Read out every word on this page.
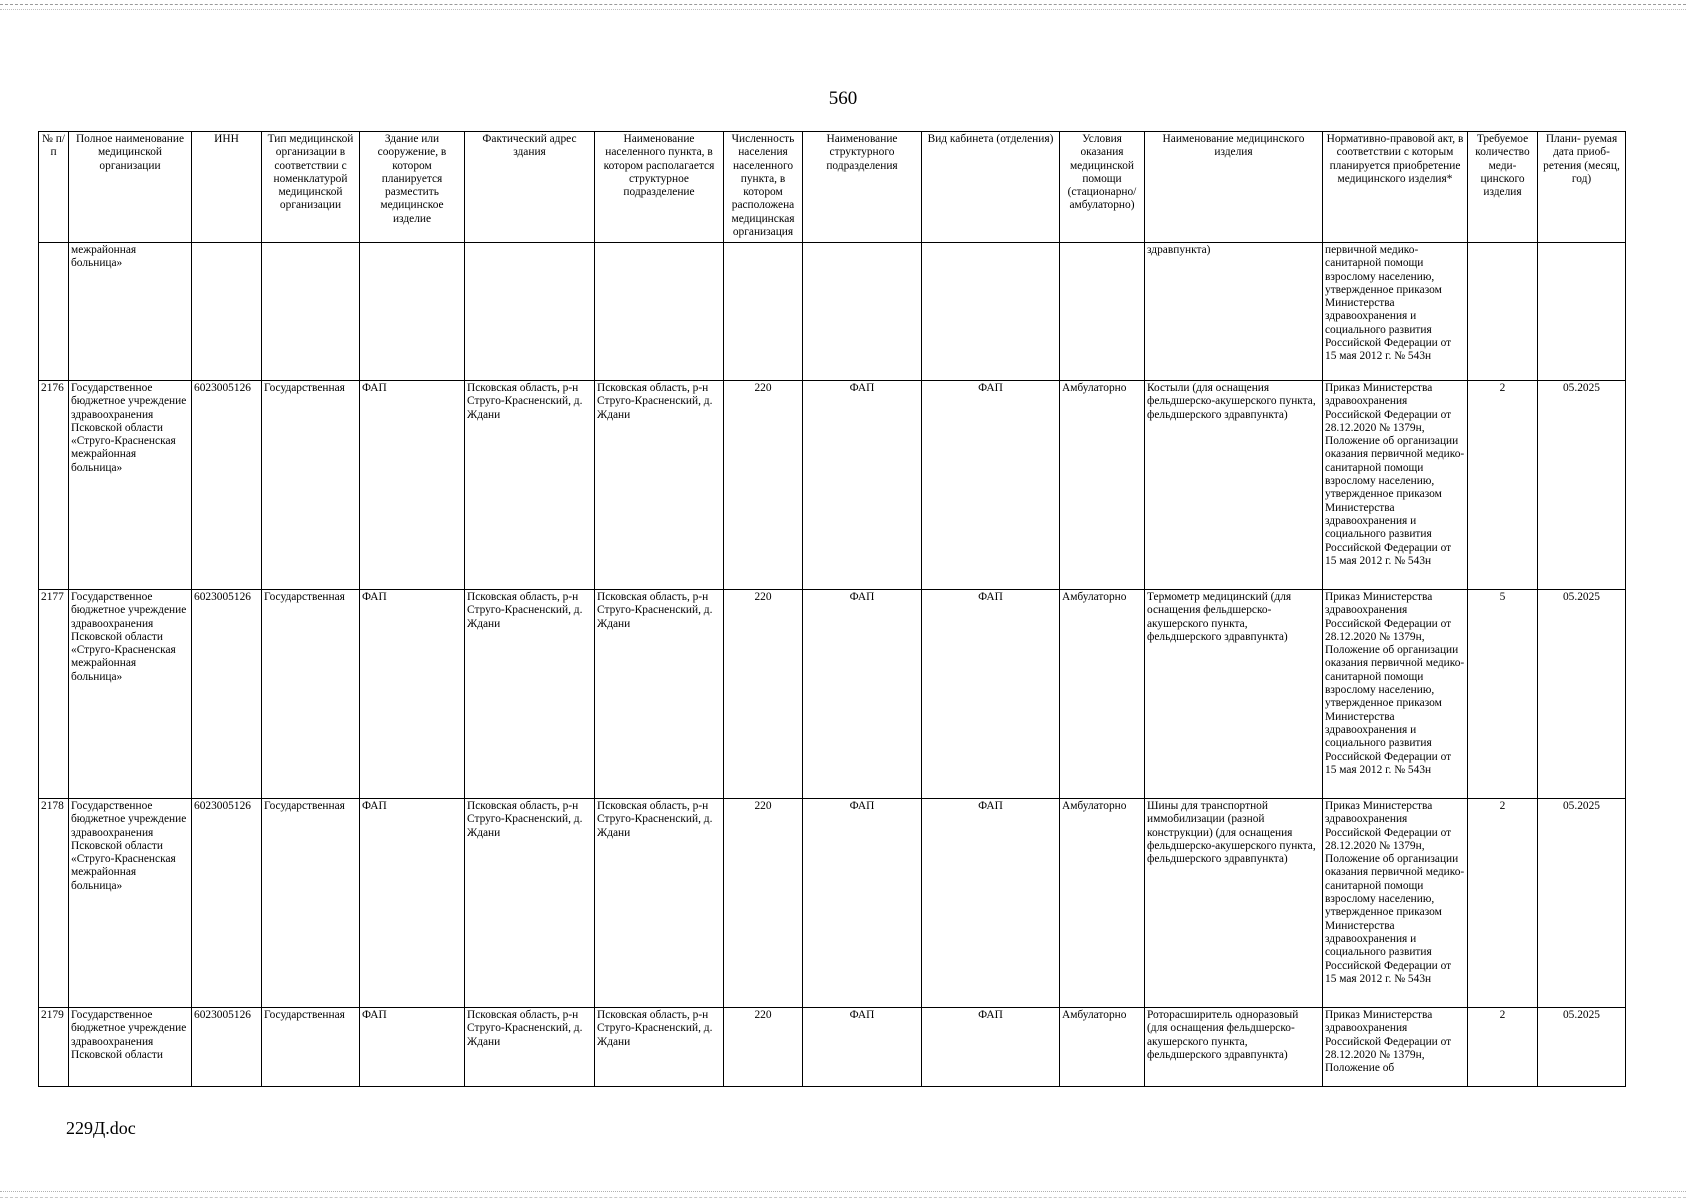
560
№ п/п	Полное наименование медицинской организации	ИНН	Тип медицинской организации в соответствии с номенклатурой медицинской организации	Здание или сооружение, в котором планируется разместить медицинское изделие	Фактический адрес здания	Наименование населенного пункта, в котором располагается структурное подразделение	Численность населения населенного пункта, в котором расположена медицинская организация	Наименование структурного подразделения	Вид кабинета (отделения)	Условия оказания медицинской помощи (стационарно/ амбулаторно)	Наименование медицинского изделия	Нормативно-правовой акт, в соответствии с которым планируется приобретение медицинского изделия*	Требуемое количество меди- цинского изделия	Плани- руемая дата приоб- ретения (месяц, год)
	межрайонная больница»										здравпункта)	первичной медико-санитарной помощи взрослому населению, утвержденное приказом Министерства здравоохранения и социального развития Российской Федерации от 15 мая 2012 г. № 543н		
2176	Государственное бюджетное учреждение здравоохранения Псковской области «Струго-Красненская межрайонная больница»	6023005126	Государственная	ФАП	Псковская область, р-н Струго-Красненский, д. Ждани	Псковская область, р-н Струго-Красненский, д. Ждани	220	ФАП	ФАП	Амбулаторно	Костыли (для оснащения фельдшерско-акушерского пункта, фельдшерского здравпункта)	Приказ Министерства здравоохранения Российской Федерации от 28.12.2020 № 1379н, Положение об организации оказания первичной медико-санитарной помощи взрослому населению, утвержденное приказом Министерства здравоохранения и социального развития Российской Федерации от 15 мая 2012 г. № 543н	2	05.2025
2177	Государственное бюджетное учреждение здравоохранения Псковской области «Струго-Красненская межрайонная больница»	6023005126	Государственная	ФАП	Псковская область, р-н Струго-Красненский, д. Ждани	Псковская область, р-н Струго-Красненский, д. Ждани	220	ФАП	ФАП	Амбулаторно	Термометр медицинский (для оснащения фельдшерско-акушерского пункта, фельдшерского здравпункта)	Приказ Министерства здравоохранения Российской Федерации от 28.12.2020 № 1379н, Положение об организации оказания первичной медико-санитарной помощи взрослому населению, утвержденное приказом Министерства здравоохранения и социального развития Российской Федерации от 15 мая 2012 г. № 543н	5	05.2025
2178	Государственное бюджетное учреждение здравоохранения Псковской области «Струго-Красненская межрайонная больница»	6023005126	Государственная	ФАП	Псковская область, р-н Струго-Красненский, д. Ждани	Псковская область, р-н Струго-Красненский, д. Ждани	220	ФАП	ФАП	Амбулаторно	Шины для транспортной иммобилизации (разной конструкции) (для оснащения фельдшерско-акушерского пункта, фельдшерского здравпункта)	Приказ Министерства здравоохранения Российской Федерации от 28.12.2020 № 1379н, Положение об организации оказания первичной медико-санитарной помощи взрослому населению, утвержденное приказом Министерства здравоохранения и социального развития Российской Федерации от 15 мая 2012 г. № 543н	2	05.2025
2179	Государственное бюджетное учреждение здравоохранения Псковской области	6023005126	Государственная	ФАП	Псковская область, р-н Струго-Красненский, д. Ждани	Псковская область, р-н Струго-Красненский, д. Ждани	220	ФАП	ФАП	Амбулаторно	Роторасширитель одноразовый (для оснащения фельдшерско-акушерского пункта, фельдшерского здравпункта)	Приказ Министерства здравоохранения Российской Федерации от 28.12.2020 № 1379н, Положение об	2	05.2025
229Д.doc
